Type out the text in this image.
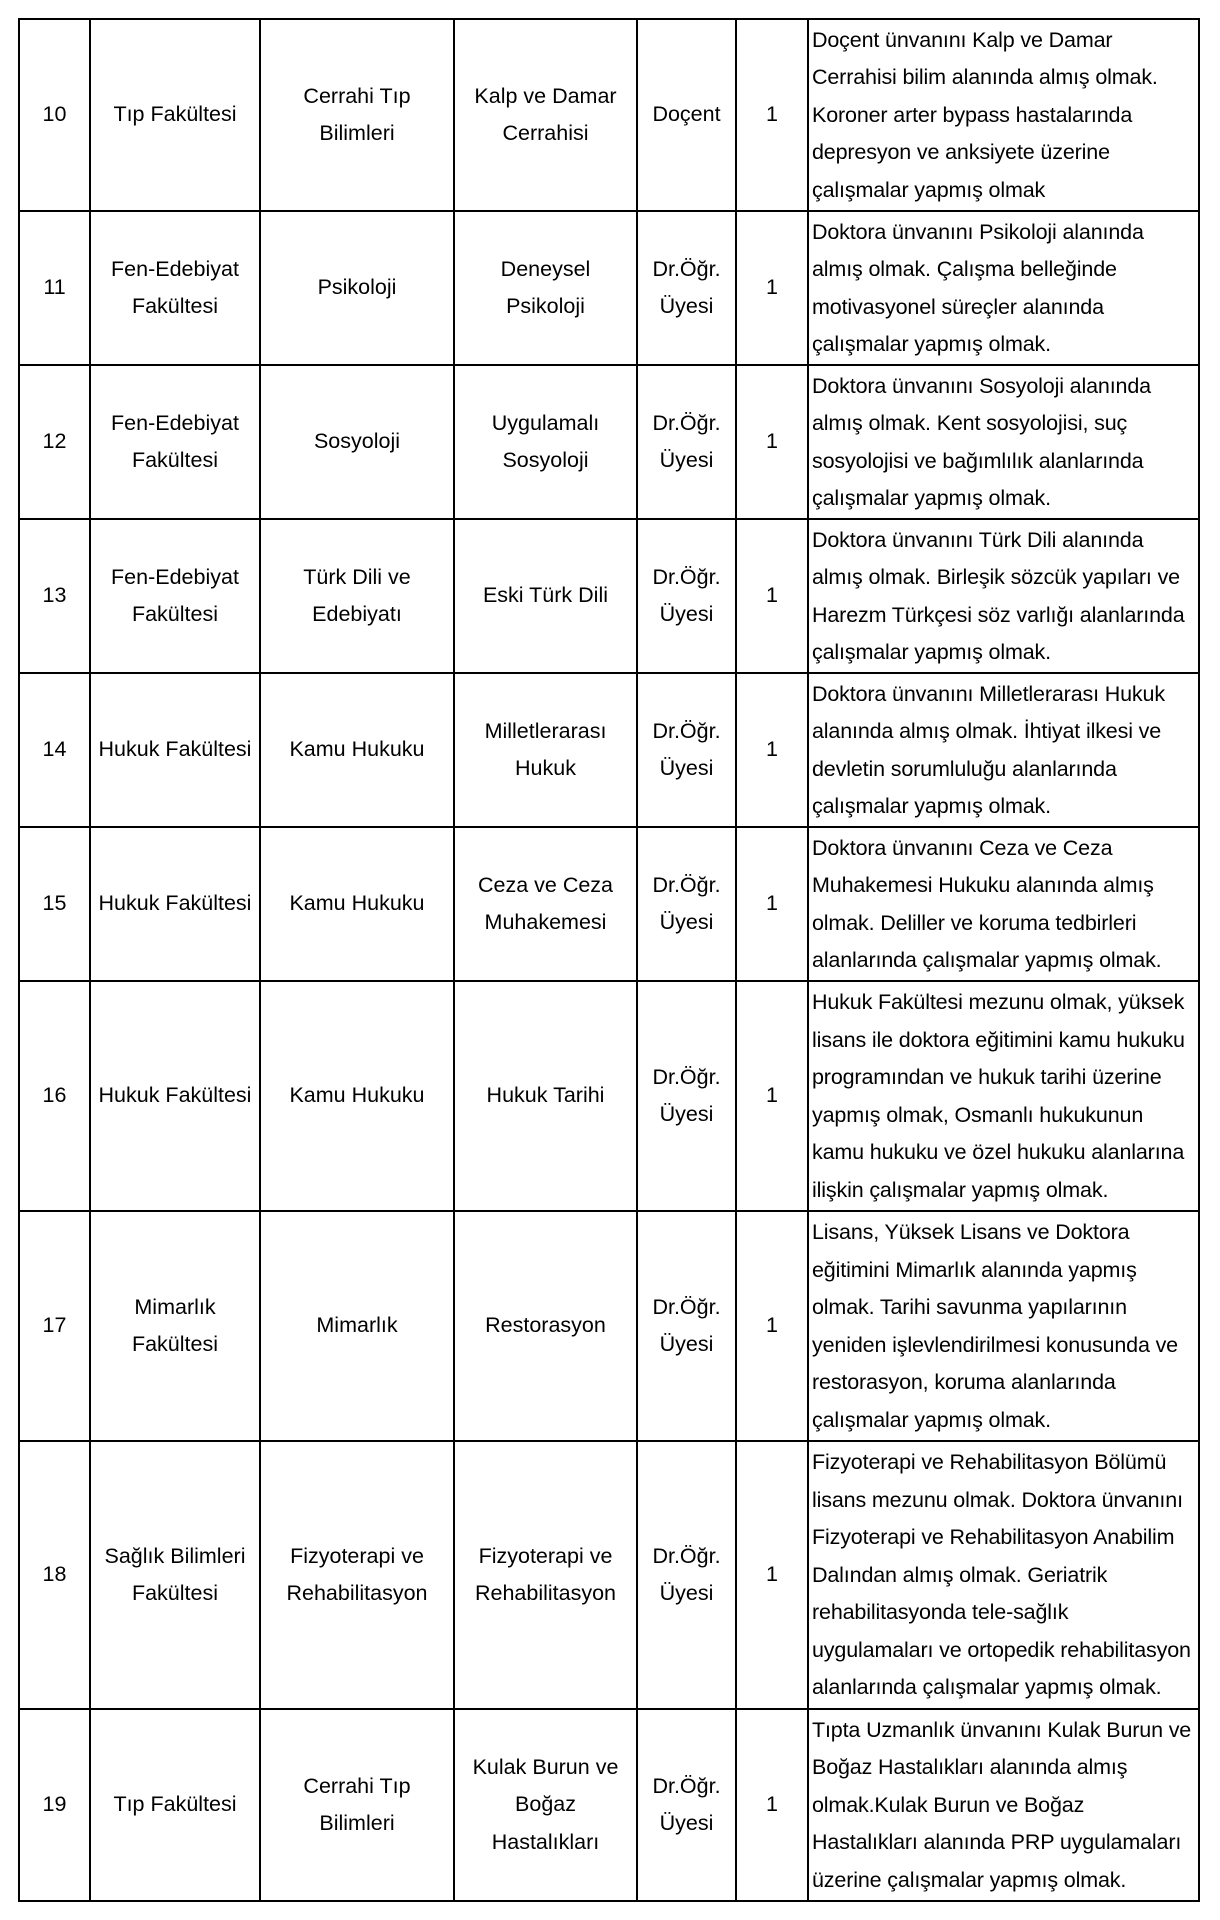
10	Tıp Fakültesi	Cerrahi Tıp Bilimleri	Kalp ve Damar Cerrahisi	Doçent	1	Doçent ünvanını Kalp ve Damar Cerrahisi bilim alanında almış olmak. Koroner arter bypass hastalarında depresyon ve anksiyete üzerine çalışmalar yapmış olmak
11	Fen-Edebiyat Fakültesi	Psikoloji	Deneysel Psikoloji	Dr.Öğr. Üyesi	1	Doktora ünvanını Psikoloji alanında almış olmak. Çalışma belleğinde motivasyonel süreçler alanında çalışmalar yapmış olmak.
12	Fen-Edebiyat Fakültesi	Sosyoloji	Uygulamalı Sosyoloji	Dr.Öğr. Üyesi	1	Doktora ünvanını Sosyoloji alanında almış olmak. Kent sosyolojisi, suç sosyolojisi ve bağımlılık alanlarında çalışmalar yapmış olmak.
13	Fen-Edebiyat Fakültesi	Türk Dili ve Edebiyatı	Eski Türk Dili	Dr.Öğr. Üyesi	1	Doktora ünvanını Türk Dili alanında almış olmak. Birleşik sözcük yapıları ve Harezm Türkçesi söz varlığı alanlarında çalışmalar yapmış olmak.
14	Hukuk Fakültesi	Kamu Hukuku	Milletlerarası Hukuk	Dr.Öğr. Üyesi	1	Doktora ünvanını Milletlerarası Hukuk alanında almış olmak. İhtiyat ilkesi ve devletin sorumluluğu alanlarında çalışmalar yapmış olmak.
15	Hukuk Fakültesi	Kamu Hukuku	Ceza ve Ceza Muhakemesi	Dr.Öğr. Üyesi	1	Doktora ünvanını Ceza ve Ceza Muhakemesi Hukuku alanında almış olmak. Deliller ve koruma tedbirleri alanlarında çalışmalar yapmış olmak.
16	Hukuk Fakültesi	Kamu Hukuku	Hukuk Tarihi	Dr.Öğr. Üyesi	1	Hukuk Fakültesi mezunu olmak, yüksek lisans ile doktora eğitimini kamu hukuku programından ve hukuk tarihi üzerine yapmış olmak, Osmanlı hukukunun kamu hukuku ve özel hukuku alanlarına ilişkin çalışmalar yapmış olmak.
17	Mimarlık Fakültesi	Mimarlık	Restorasyon	Dr.Öğr. Üyesi	1	Lisans, Yüksek Lisans ve Doktora eğitimini Mimarlık alanında yapmış olmak. Tarihi savunma yapılarının yeniden işlevlendirilmesi konusunda ve restorasyon, koruma alanlarında çalışmalar yapmış olmak.
18	Sağlık Bilimleri Fakültesi	Fizyoterapi ve Rehabilitasyon	Fizyoterapi ve Rehabilitasyon	Dr.Öğr. Üyesi	1	Fizyoterapi ve Rehabilitasyon Bölümü lisans mezunu olmak. Doktora ünvanını Fizyoterapi ve Rehabilitasyon Anabilim Dalından almış olmak. Geriatrik rehabilitasyonda tele-sağlık uygulamaları ve ortopedik rehabilitasyon alanlarında çalışmalar yapmış olmak.
19	Tıp Fakültesi	Cerrahi Tıp Bilimleri	Kulak Burun ve Boğaz Hastalıkları	Dr.Öğr. Üyesi	1	Tıpta Uzmanlık ünvanını Kulak Burun ve Boğaz Hastalıkları alanında almış olmak.Kulak Burun ve Boğaz Hastalıkları alanında PRP uygulamaları üzerine çalışmalar yapmış olmak.
